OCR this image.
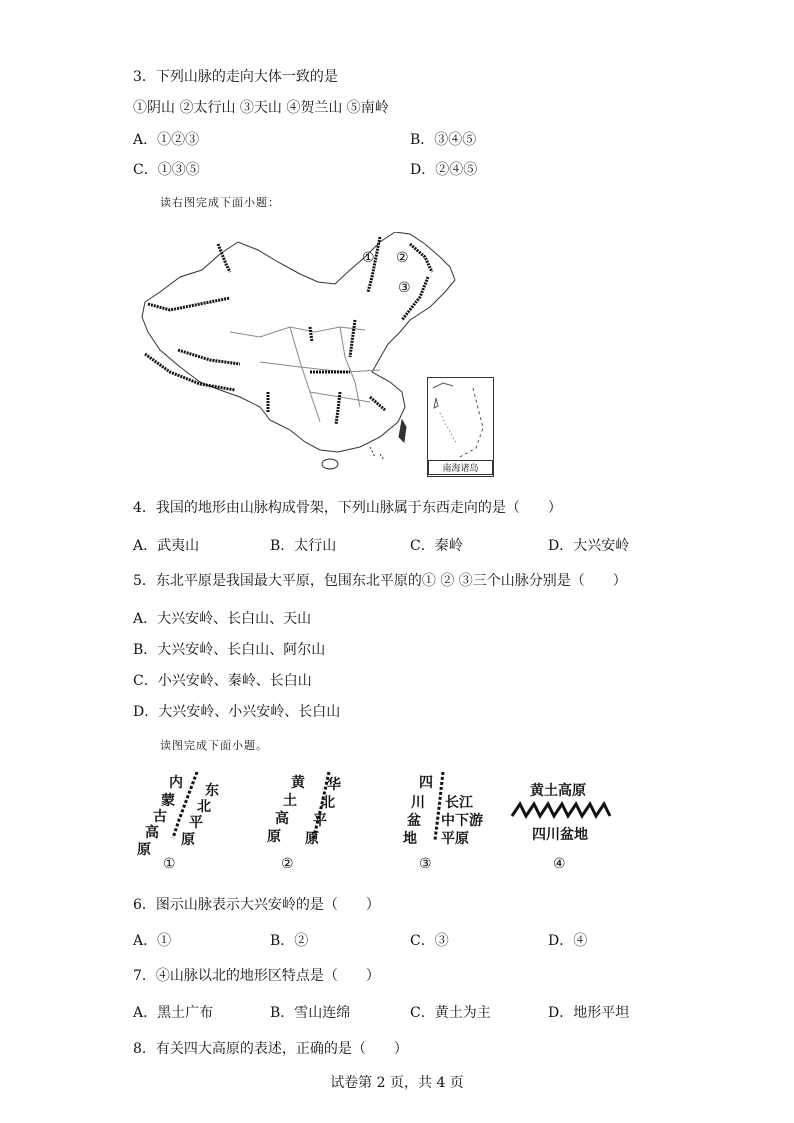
3．下列山脉的走向大体一致的是
①阴山 ②太行山 ③天山 ④贺兰山 ⑤南岭
A．①②③	B．③④⑤
C．①③⑤	D．②④⑤
读右图完成下面小题：
① ②
③
南海诸岛
4．我国的地形由山脉构成骨架，下列山脉属于东西走向的是（　　）
A．武夷山	B．太行山	C．秦岭	D．大兴安岭
5．东北平原是我国最大平原，包围东北平原的① ② ③三个山脉分别是（　　）
A．大兴安岭、长白山、天山
B．大兴安岭、长白山、阿尔山
C．小兴安岭、秦岭、长白山
D．大兴安岭、小兴安岭、长白山
读图完成下面小题。
内
蒙
古
高
原
东
北
平
原
①
黄
土
高
原
华
北
平
原
②
四
川
盆
地
长江
中下游
平原
③
黄土高原
四川盆地
④
6．图示山脉表示大兴安岭的是（　　）
A．①	B．②	C．③	D．④
7．④山脉以北的地形区特点是（　　）
A．黑土广布	B．雪山连绵	C．黄土为主	D．地形平坦
8．有关四大高原的表述，正确的是（　　）
试卷第 2 页，共 4 页
